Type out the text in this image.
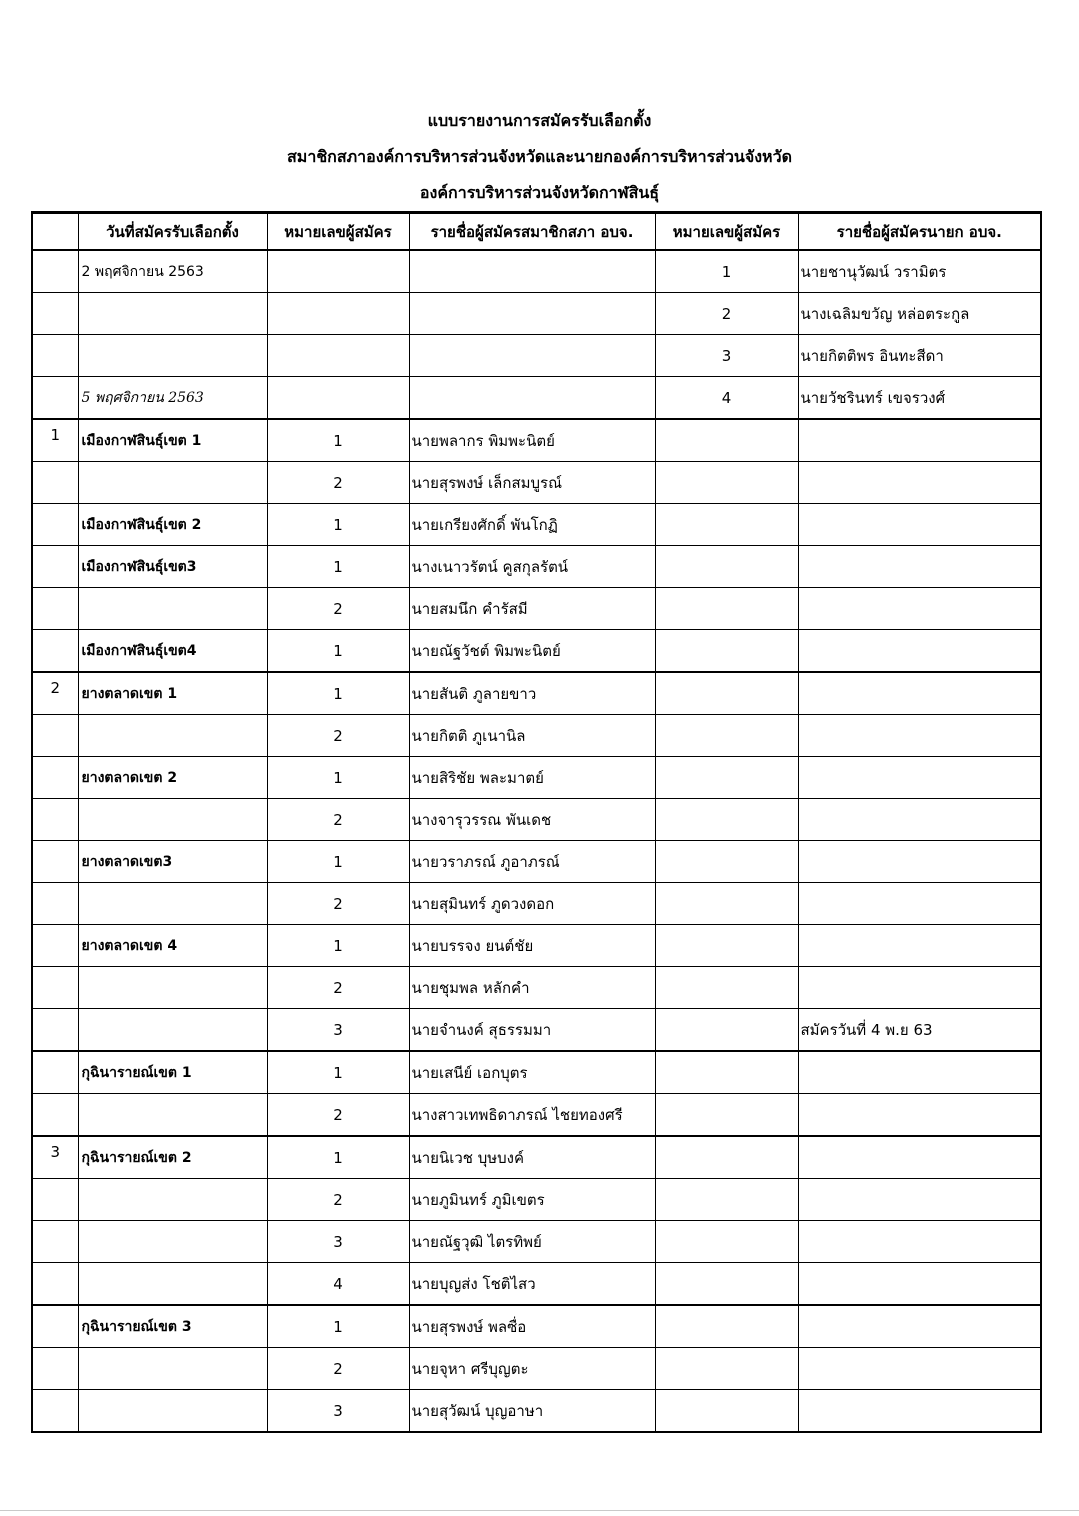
แบบรายงานการสมัครรับเลือกตั้ง
สมาชิกสภาองค์การบริหารส่วนจังหวัดและนายกองค์การบริหารส่วนจังหวัด
องค์การบริหารส่วนจังหวัดกาฬสินธุ์
	วันที่สมัครรับเลือกตั้ง	หมายเลขผู้สมัคร	รายชื่อผู้สมัครสมาชิกสภา อบจ.	หมายเลขผู้สมัคร	รายชื่อผู้สมัครนายก อบจ.
	2 พฤศจิกายน 2563			1	นายชานุวัฒน์ วรามิตร
				2	นางเฉลิมขวัญ หล่อตระกูล
				3	นายกิตติพร อินทะสีดา
	5 พฤศจิกายน 2563			4	นายวัชรินทร์ เขจรวงศ์
1	เมืองกาฬสินธุ์เขต 1	1	นายพลากร พิมพะนิตย์		
		2	นายสุรพงษ์ เล็กสมบูรณ์		
	เมืองกาฬสินธุ์เขต 2	1	นายเกรียงศักดิ์ พันโกฏิ		
	เมืองกาฬสินธุ์เขต3	1	นางเนาวรัตน์ คูสกุลรัตน์		
		2	นายสมนึก คำรัสมี		
	เมืองกาฬสินธุ์เขต4	1	นายณัฐวัชต์ พิมพะนิตย์		
2	ยางตลาดเขต 1	1	นายสันติ ภูลายขาว		
		2	นายกิตติ ภูเนานิล		
	ยางตลาดเขต 2	1	นายสิริชัย พละมาตย์		
		2	นางจารุวรรณ พันเดช		
	ยางตลาดเขต3	1	นายวราภรณ์ ภูอาภรณ์		
		2	นายสุมินทร์ ภูดวงดอก		
	ยางตลาดเขต 4	1	นายบรรจง ยนต์ชัย		
		2	นายชุมพล หลักคำ		
		3	นายจำนงค์ สุธรรมมา		สมัครวันที่ 4 พ.ย 63
	กุฉินารายณ์เขต 1	1	นายเสนีย์ เอกบุตร		
		2	นางสาวเทพธิดาภรณ์ ไชยทองศรี		
3	กุฉินารายณ์เขต 2	1	นายนิเวช บุษบงค์		
		2	นายภูมินทร์ ภูมิเขตร		
		3	นายณัฐวุฒิ ไตรทิพย์		
		4	นายบุญส่ง โชติไสว		
	กุฉินารายณ์เขต 3	1	นายสุรพงษ์ พลซื่อ		
		2	นายจุหา ศรีบุญตะ		
		3	นายสุวัฒน์ บุญอาษา		
